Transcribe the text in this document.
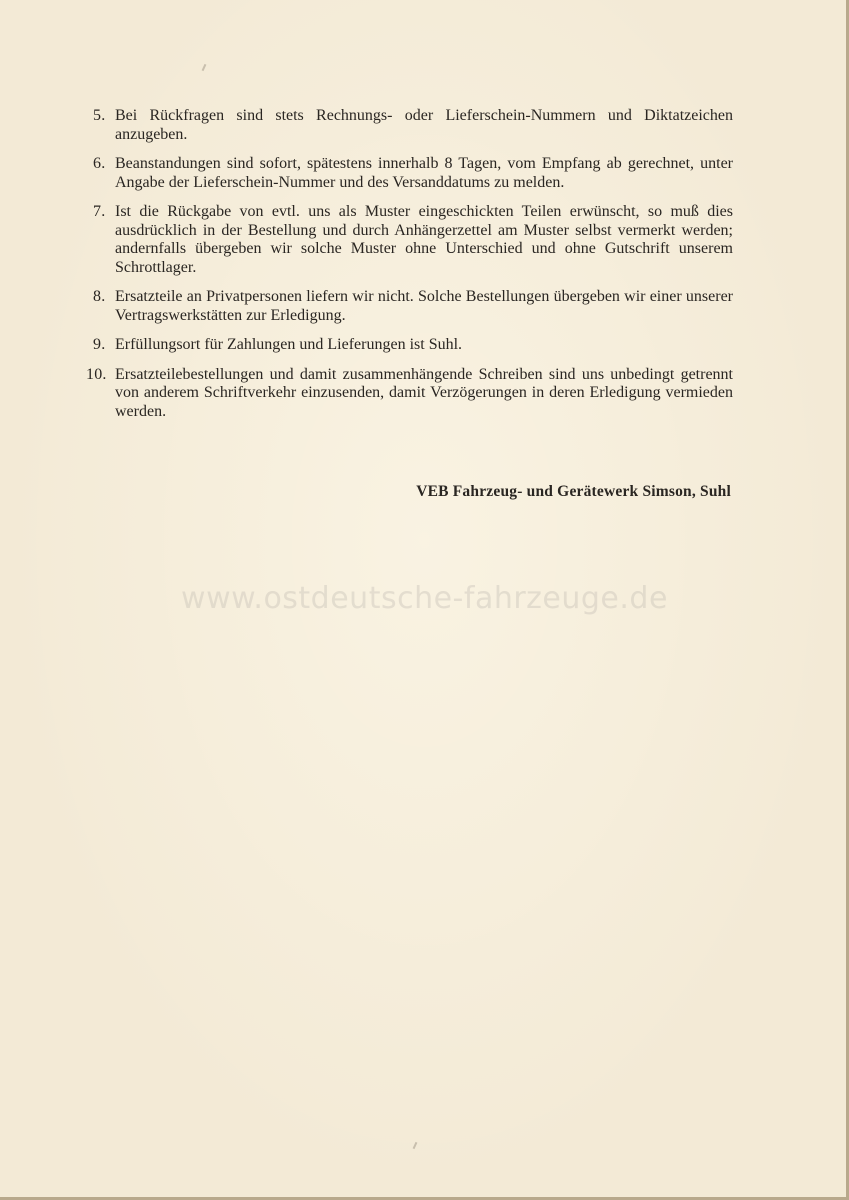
5. Bei Rückfragen sind stets Rechnungs- oder Lieferschein-Nummern und Diktatzeichen anzugeben.
6. Beanstandungen sind sofort, spätestens innerhalb 8 Tagen, vom Empfang ab gerechnet, unter Angabe der Lieferschein-Nummer und des Versanddatums zu melden.
7. Ist die Rückgabe von evtl. uns als Muster eingeschickten Teilen erwünscht, so muß dies ausdrücklich in der Bestellung und durch Anhängerzettel am Muster selbst vermerkt werden; andernfalls übergeben wir solche Muster ohne Unterschied und ohne Gutschrift unserem Schrottlager.
8. Ersatzteile an Privatpersonen liefern wir nicht. Solche Bestellungen übergeben wir einer unserer Vertragswerkstätten zur Erledigung.
9. Erfüllungsort für Zahlungen und Lieferungen ist Suhl.
10. Ersatzteilebestellungen und damit zusammenhängende Schreiben sind uns unbedingt getrennt von anderem Schriftverkehr einzusenden, damit Verzögerungen in deren Erledigung vermieden werden.
VEB Fahrzeug- und Gerätewerk Simson, Suhl
www.ostdeutsche-fahrzeuge.de
